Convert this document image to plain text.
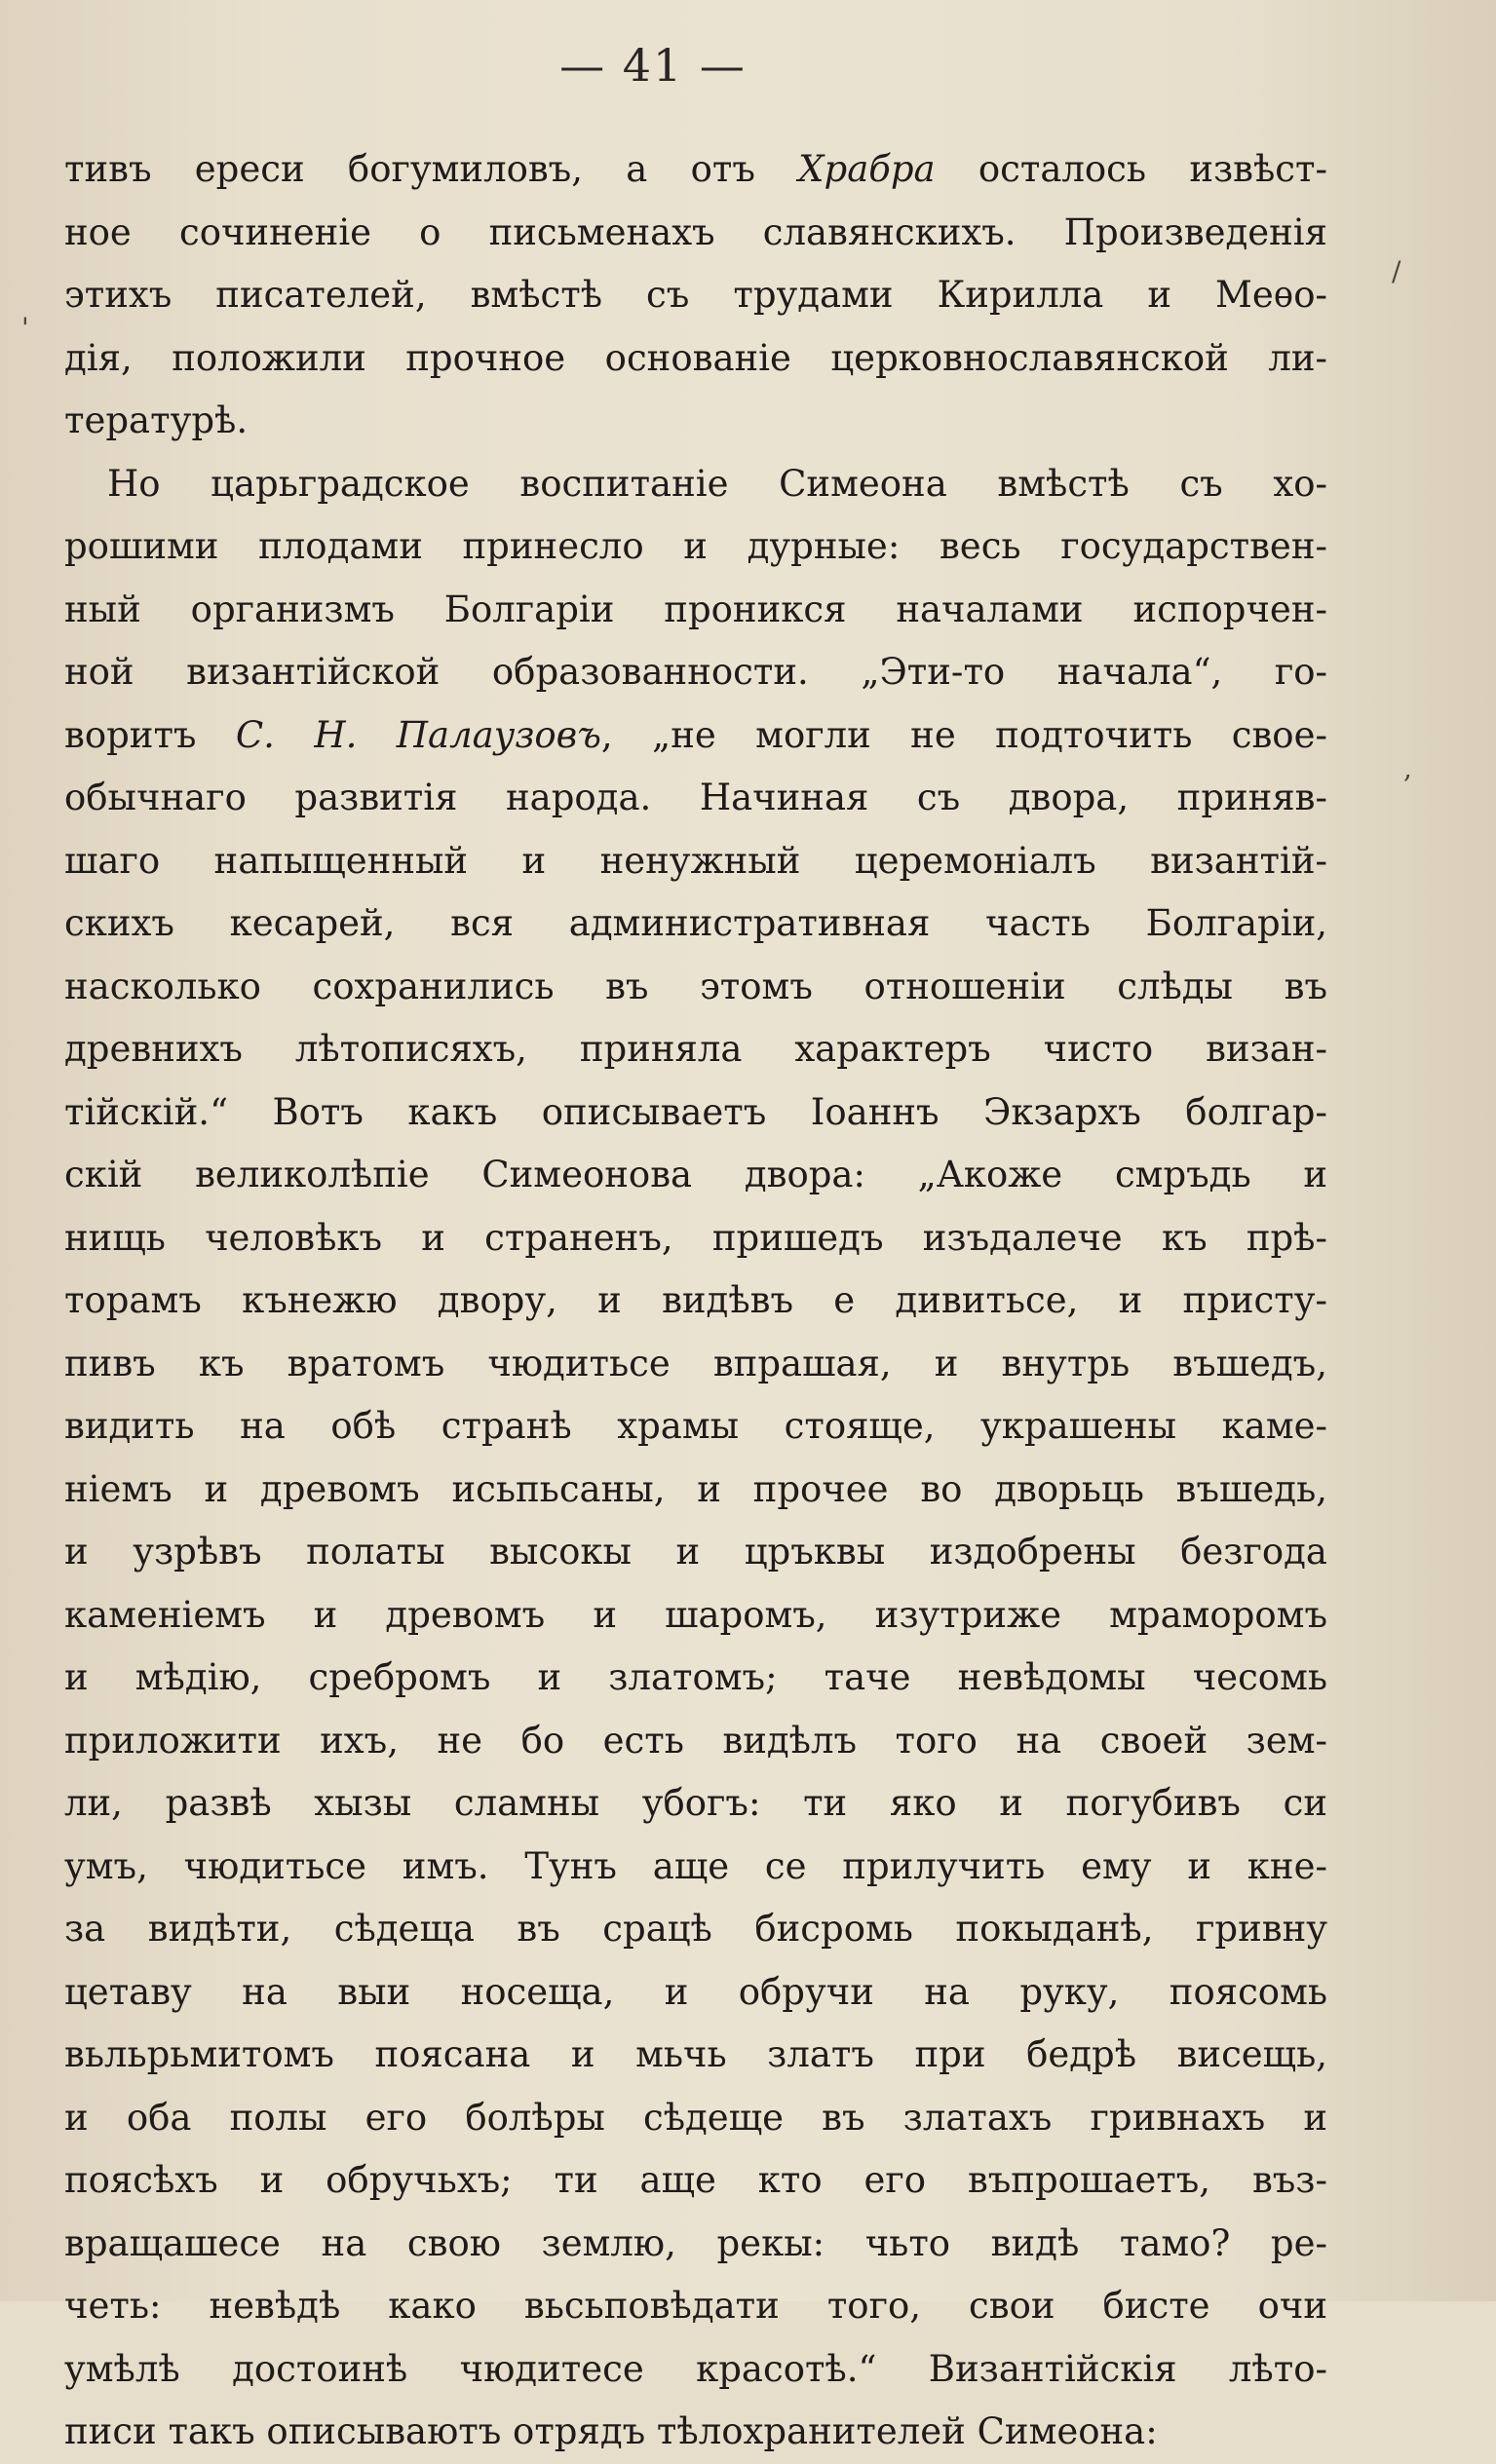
— 41 —
/
'
,
тивъ ереси богумиловъ, а отъ Храбра осталось извѣст-
ное сочиненіе о письменахъ славянскихъ. Произведенія
этихъ писателей, вмѣстѣ съ трудами Кирилла и Меѳо-
дія, положили прочное основаніе церковнославянской ли-
тературѣ.
Но царьградское воспитаніе Симеона вмѣстѣ съ хо-
рошими плодами принесло и дурные: весь государствен-
ный организмъ Болгаріи проникся началами испорчен-
ной византійской образованности. „Эти-то начала“, го-
воритъ С. Н. Палаузовъ, „не могли не подточить свое-
обычнаго развитія народа. Начиная съ двора, приняв-
шаго напыщенный и ненужный церемоніалъ византій-
скихъ кесарей, вся административная часть Болгаріи,
насколько сохранились въ этомъ отношеніи слѣды въ
древнихъ лѣтописяхъ, приняла характеръ чисто визан-
тійскій.“ Вотъ какъ описываетъ Іоаннъ Экзархъ болгар-
скій великолѣпіе Симеонова двора: „Акоже смръдь и
нищь человѣкъ и страненъ, пришедъ изъдалече къ прѣ-
торамъ кънежю двору, и видѣвъ е дивитьсе, и присту-
пивъ къ вратомъ чюдитьсе впрашая, и внутрь въшедъ,
видить на обѣ странѣ храмы стояще, украшены каме-
ніемъ и древомъ исьпьсаны, и прочее во дворьць въшедь,
и узрѣвъ полаты высокы и цръквы издобрены безгода
каменіемъ и древомъ и шаромъ, изутриже мраморомъ
и мѣдію, сребромъ и златомъ; таче невѣдомы чесомь
приложити ихъ, не бо есть видѣлъ того на своей зем-
ли, развѣ хызы сламны убогъ: ти яко и погубивъ си
умъ, чюдитьсе имъ. Тунъ аще се прилучить ему и кне-
за видѣти, сѣдеща въ срацѣ бисромь покыданѣ, гривну
цетаву на выи носеща, и обручи на руку, поясомь
вьльрьмитомъ поясана и мьчь златъ при бедрѣ висещь,
и оба полы его болѣры сѣдеще въ златахъ гривнахъ и
поясѣхъ и обручьхъ; ти аще кто его въпрошаетъ, въз-
вращашесе на свою землю, рекы: чьто видѣ тамо? ре-
четь: невѣдѣ како вьсьповѣдати того, свои бисте очи
умѣлѣ достоинѣ чюдитесе красотѣ.“ Византійскія лѣто-
писи такъ описываютъ отрядъ тѣлохранителей Симеона:
